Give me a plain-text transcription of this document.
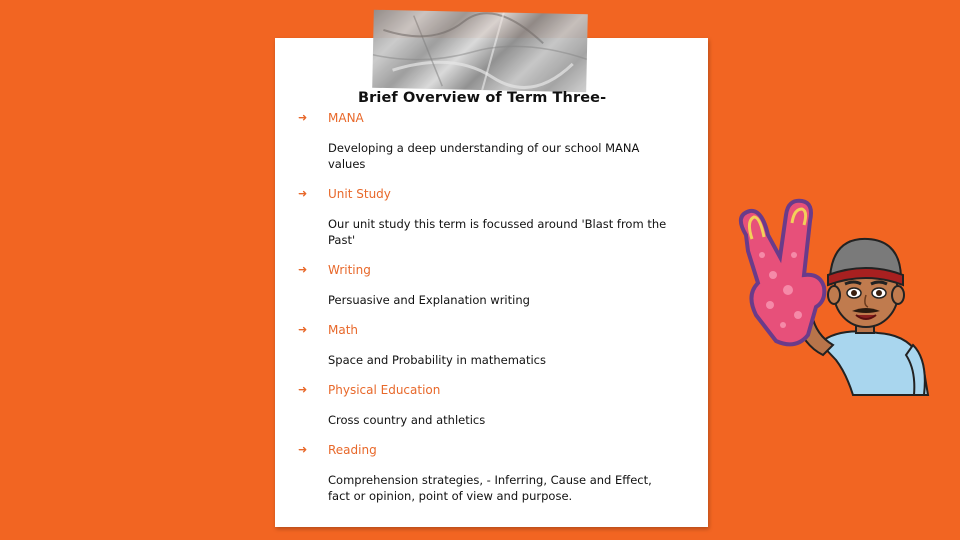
Brief Overview of Term Three-
➜ MANA
Developing a deep understanding of our school MANA values
➜ Unit Study
Our unit study this term is focussed around 'Blast from the Past'
➜ Writing
Persuasive and Explanation writing
➜ Math
Space and Probability in mathematics
➜ Physical Education
Cross country and athletics
➜ Reading
Comprehension strategies, - Inferring, Cause and Effect, fact or opinion, point of view and purpose.
